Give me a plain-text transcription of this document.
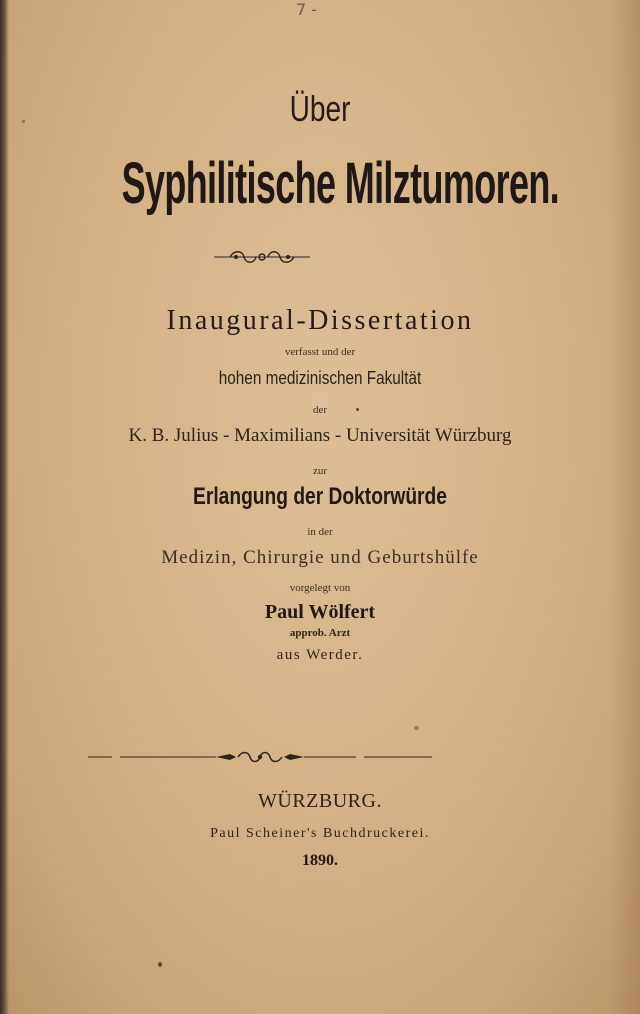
7 -

Über

Syphilitische Milztumoren.

Inaugural-Dissertation

verfasst und der

hohen medizinischen Fakultät

der

K. B. Julius - Maximilians - Universität Würzburg

zur

Erlangung der Doktorwürde

in der

Medizin, Chirurgie und Geburtshülfe

vorgelegt von

Paul Wölfert

approb. Arzt

aus Werder.

WÜRZBURG.

Paul Scheiner's Buchdruckerei.

1890.
